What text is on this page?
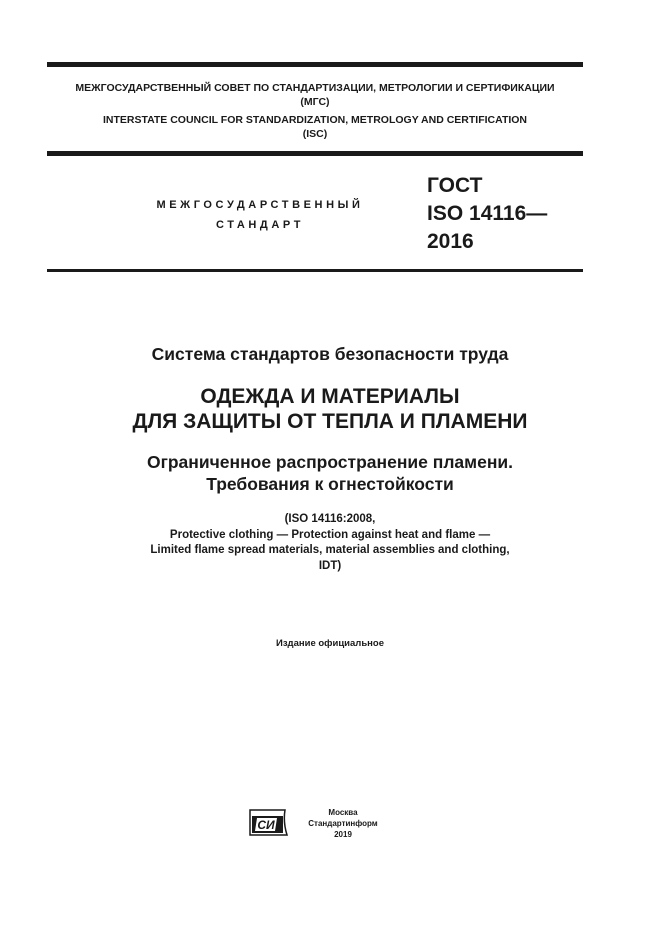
МЕЖГОСУДАРСТВЕННЫЙ СОВЕТ ПО СТАНДАРТИЗАЦИИ, МЕТРОЛОГИИ И СЕРТИФИКАЦИИ
(МГС)
INTERSTATE COUNCIL FOR STANDARDIZATION, METROLOGY AND CERTIFICATION
(ISC)
МЕЖГОСУДАРСТВЕННЫЙ
СТАНДАРТ
ГОСТ
ISO 14116—
2016
Система стандартов безопасности труда
ОДЕЖДА И МАТЕРИАЛЫ
ДЛЯ ЗАЩИТЫ ОТ ТЕПЛА И ПЛАМЕНИ
Ограниченное распространение пламени.
Требования к огнестойкости
(ISO 14116:2008,
Protective clothing — Protection against heat and flame —
Limited flame spread materials, material assemblies and clothing,
IDT)
Издание официальное
СИ
Москва
Стандартинформ
2019
